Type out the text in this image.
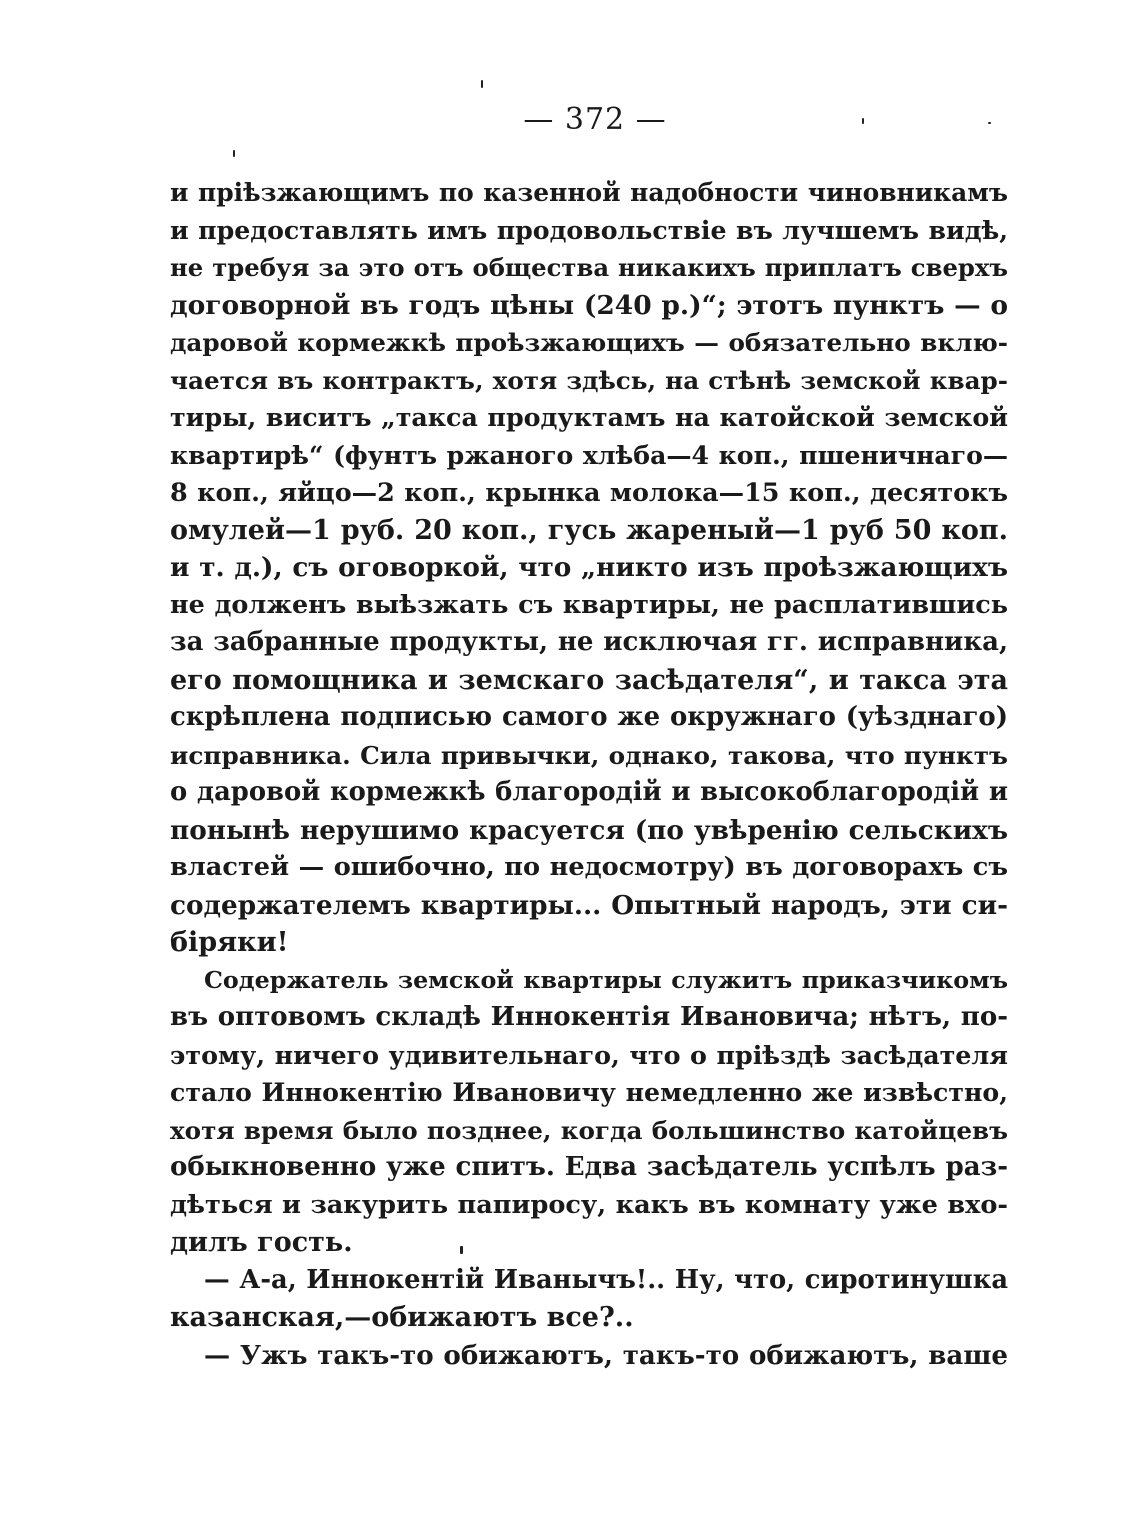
— 372 —
и пріѣзжающимъ по казенной надобности чиновникамъ
и предоставлять имъ продовольствіе въ лучшемъ видѣ,
не требуя за это отъ общества никакихъ приплатъ сверхъ
договорной въ годъ цѣны (240 р.)“; этотъ пунктъ — о
даровой кормежкѣ проѣзжающихъ — обязательно вклю-
чается въ контрактъ, хотя здѣсь, на стѣнѣ земской квар-
тиры, виситъ „такса продуктамъ на катойской земской
квартирѣ“ (фунтъ ржаного хлѣба—4 коп., пшеничнаго—
8 коп., яйцо—2 коп., крынка молока—15 коп., десятокъ
омулей—1 руб. 20 коп., гусь жареный—1 руб 50 коп.
и т. д.), съ оговоркой, что „никто изъ проѣзжающихъ
не долженъ выѣзжать съ квартиры, не расплатившись
за забранные продукты, не исключая гг. исправника,
его помощника и земскаго засѣдателя“, и такса эта
скрѣплена подписью самого же окружнаго (уѣзднаго)
исправника. Сила привычки, однако, такова, что пунктъ
о даровой кормежкѣ благородій и высокоблагородій и
понынѣ нерушимо красуется (по увѣренію сельскихъ
властей — ошибочно, по недосмотру) въ договорахъ съ
содержателемъ квартиры... Опытный народъ, эти си-
біряки!
Содержатель земской квартиры служитъ приказчикомъ
въ оптовомъ складѣ Иннокентія Ивановича; нѣтъ, по-
этому, ничего удивительнаго, что о пріѣздѣ засѣдателя
стало Иннокентію Ивановичу немедленно же извѣстно,
хотя время было позднее, когда большинство катойцевъ
обыкновенно уже спитъ. Едва засѣдатель успѣлъ раз-
дѣться и закурить папиросу, какъ въ комнату уже вхо-
дилъ гость.
— А-а, Иннокентій Иванычъ!.. Ну, что, сиротинушка
казанская,—обижаютъ все?..
— Ужъ такъ-то обижаютъ, такъ-то обижаютъ, ваше
